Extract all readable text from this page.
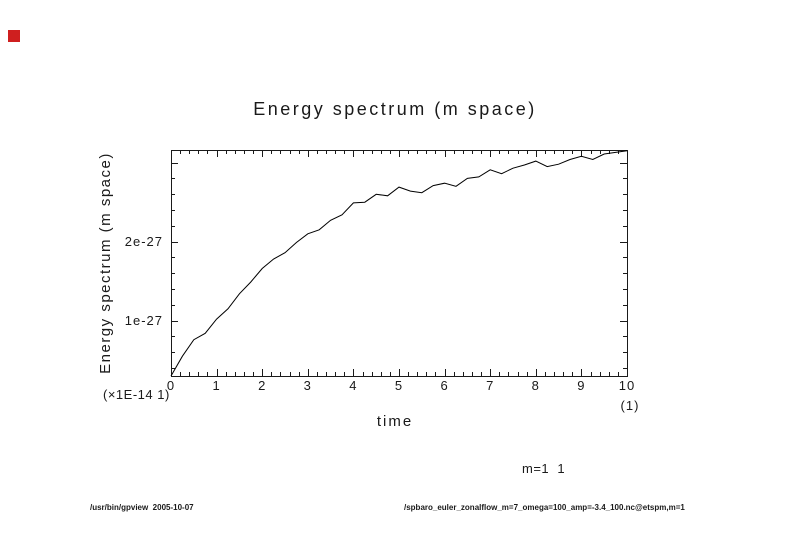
Energy spectrum (m space)
Energy spectrum (m space)
0	1	2	3	4	5	6	7	8	9	10
1e-27
2e-27
(×1E-14 1)
(1)
time
m=1  1
/usr/bin/gpview  2005-10-07	/spbaro_euler_zonalflow_m=7_omega=100_amp=-3.4_100.nc@etspm,m=1
